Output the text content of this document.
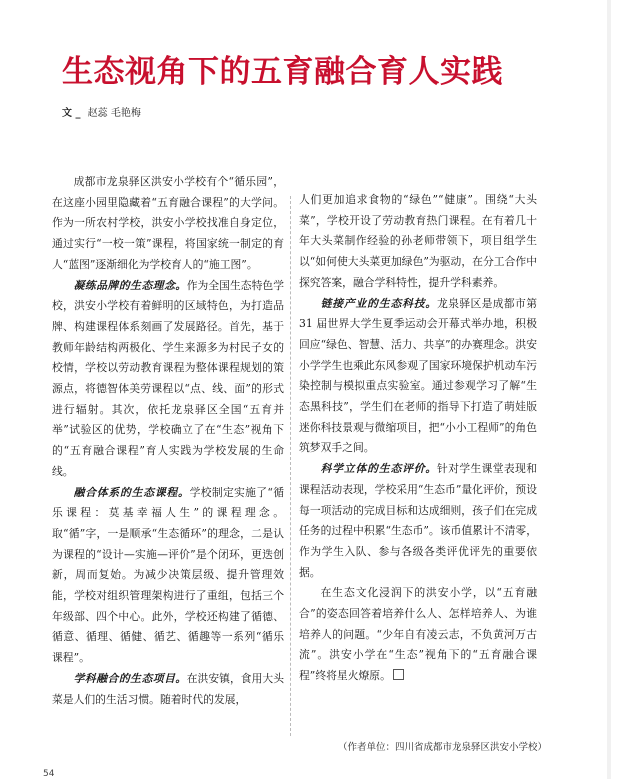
生态视角下的五育融合育人实践
文 _ 赵蕊 毛艳梅

成都市龙泉驿区洪安小学校有个“循乐园”，在这座小园里隐藏着“五育融合课程”的大学问。作为一所农村学校，洪安小学校找准自身定位，通过实行“一校一策”课程，将国家统一制定的育人“蓝图”逐渐细化为学校育人的“施工图”。

凝练品牌的生态理念。作为全国生态特色学校，洪安小学校有着鲜明的区域特色，为打造品牌、构建课程体系刻画了发展路径。首先，基于教师年龄结构两极化、学生来源多为村民子女的校情，学校以劳动教育课程为整体课程规划的策源点，将德智体美劳课程以“点、线、面”的形式进行辐射。其次，依托龙泉驿区全国“五育并举”试验区的优势，学校确立了在“生态”视角下的“五育融合课程”育人实践为学校发展的生命线。

融合体系的生态课程。学校制定实施了“循乐课程：莫基幸福人生”的课程理念。取“循”字，一是顺承“生态循环”的理念，二是认为课程的“设计—实施—评价”是个闭环，更迭创新，周而复始。为减少决策层级、提升管理效能，学校对组织管理架构进行了重组，包括三个年级部、四个中心。此外，学校还构建了循德、循意、循理、循健、循艺、循趣等一系列“循乐课程”。

学科融合的生态项目。在洪安镇，食用大头菜是人们的生活习惯。随着时代的发展，

人们更加追求食物的“绿色”“健康”。围绕“大头菜”，学校开设了劳动教育热门课程。在有着几十年大头菜制作经验的孙老师带领下，项目组学生以“如何使大头菜更加绿色”为驱动，在分工合作中探究答案，融合学科特性，提升学科素养。

链接产业的生态科技。龙泉驿区是成都市第 31 届世界大学生夏季运动会开幕式举办地，积极回应“绿色、智慧、活力、共享”的办赛理念。洪安小学学生也乘此东风参观了国家环境保护机动车污染控制与模拟重点实验室。通过参观学习了解“生态黑科技”，学生们在老师的指导下打造了萌娃版迷你科技景观与微缩项目，把“小小工程师”的角色筑梦双手之间。

科学立体的生态评价。针对学生课堂表现和课程活动表现，学校采用“生态币”量化评价，预设每一项活动的完成目标和达成细则，孩子们在完成任务的过程中积累“生态币”。该币值累计不清零，作为学生入队、参与各级各类评优评先的重要依据。

在生态文化浸润下的洪安小学，以“五育融合”的姿态回答着培养什么人、怎样培养人、为谁培养人的问题。“少年自有凌云志，不负黄河万古流”。洪安小学在“生态”视角下的“五育融合课程”终将星火燎原。

（作者单位：四川省成都市龙泉驿区洪安小学校）
54
